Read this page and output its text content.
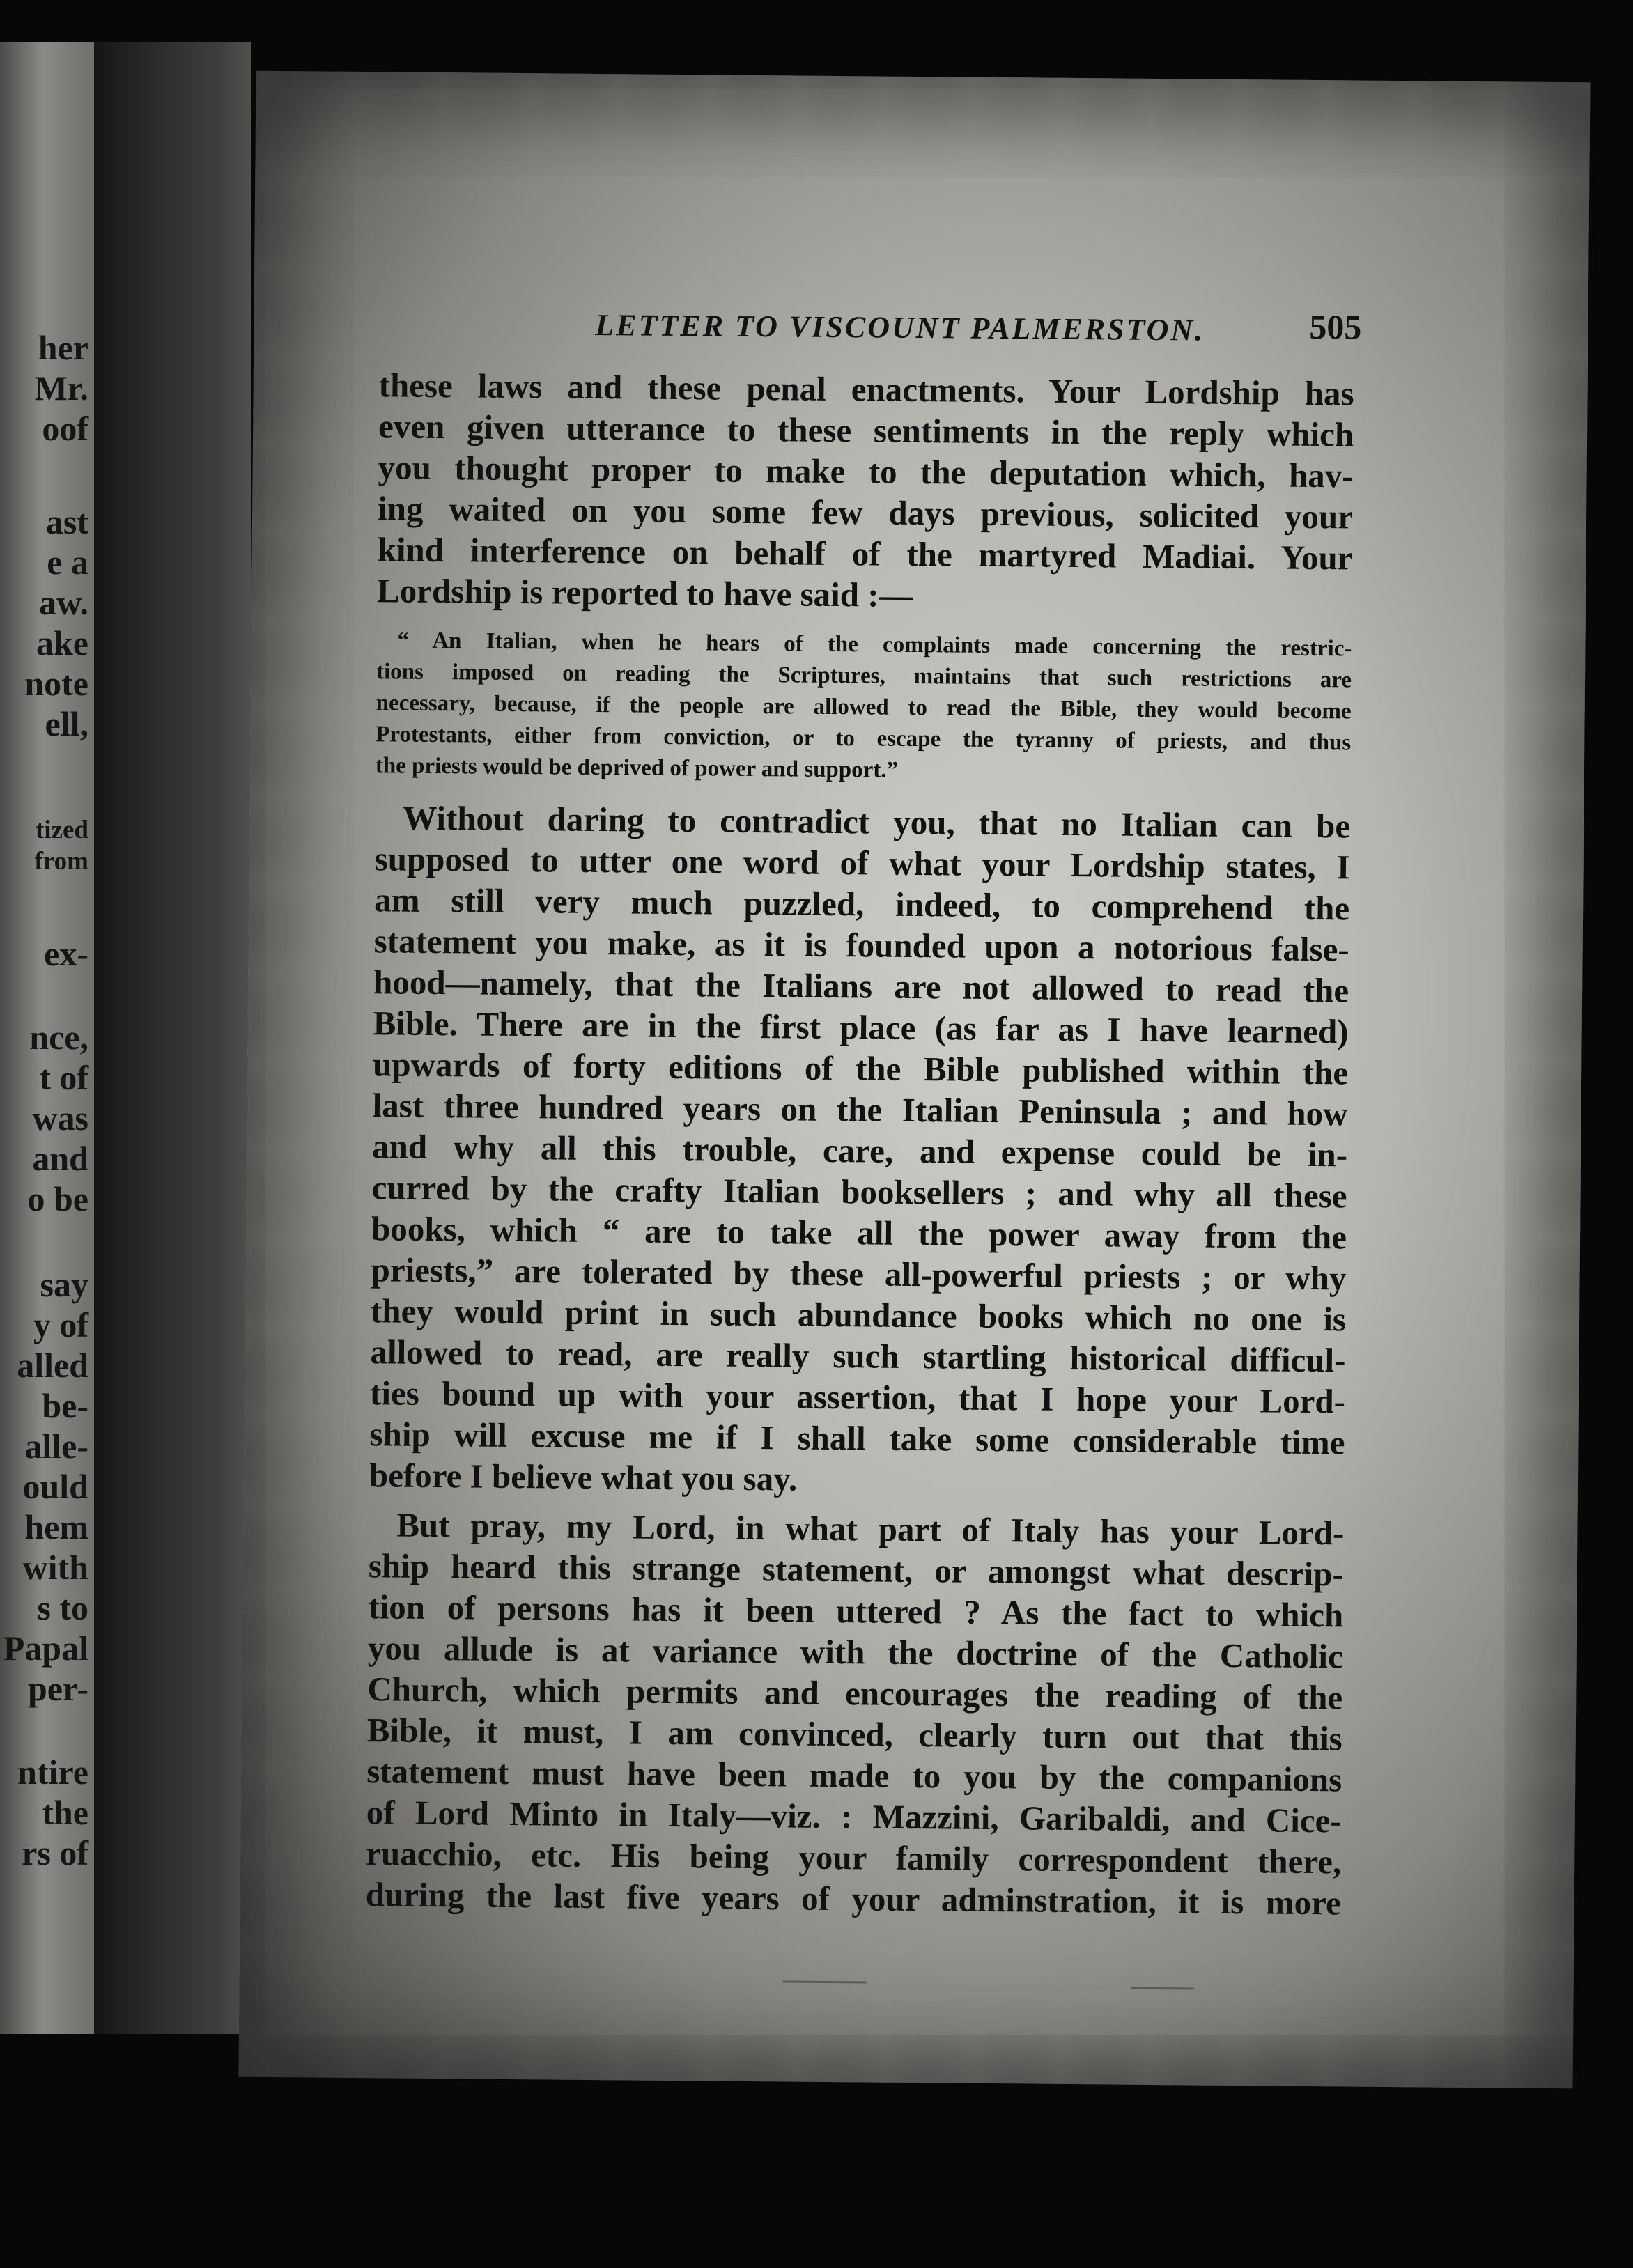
her

Mr.

oof

ast

e a

aw.

ake

note

ell,

tized

from

ex-

nce,

t of

was

and

o be

say

y of

alled

be-

alle-

ould

hem

with

s to

Papal

per-

ntire

the

rs of

LETTER TO VISCOUNT PALMERSTON.	505

these laws and these penal enactments. Your Lordship has
even given utterance to these sentiments in the reply which
you thought proper to make to the deputation which, hav-
ing waited on you some few days previous, solicited your
kind interference on behalf of the martyred Madiai. Your
Lordship is reported to have said :—
“ An Italian, when he hears of the complaints made concerning the restric-
tions imposed on reading the Scriptures, maintains that such restrictions are
necessary, because, if the people are allowed to read the Bible, they would become
Protestants, either from conviction, or to escape the tyranny of priests, and thus
the priests would be deprived of power and support.”
Without daring to contradict you, that no Italian can be
supposed to utter one word of what your Lordship states, I
am still very much puzzled, indeed, to comprehend the
statement you make, as it is founded upon a notorious false-
hood—namely, that the Italians are not allowed to read the
Bible. There are in the first place (as far as I have learned)
upwards of forty editions of the Bible published within the
last three hundred years on the Italian Peninsula ; and how
and why all this trouble, care, and expense could be in-
curred by the crafty Italian booksellers ; and why all these
books, which “ are to take all the power away from the
priests,” are tolerated by these all-powerful priests ; or why
they would print in such abundance books which no one is
allowed to read, are really such startling historical difficul-
ties bound up with your assertion, that I hope your Lord-
ship will excuse me if I shall take some considerable time
before I believe what you say.
But pray, my Lord, in what part of Italy has your Lord-
ship heard this strange statement, or amongst what descrip-
tion of persons has it been uttered ? As the fact to which
you allude is at variance with the doctrine of the Catholic
Church, which permits and encourages the reading of the
Bible, it must, I am convinced, clearly turn out that this
statement must have been made to you by the companions
of Lord Minto in Italy—viz. : Mazzini, Garibaldi, and Cice-
ruacchio, etc. His being your family correspondent there,
during the last five years of your adminstration, it is more
